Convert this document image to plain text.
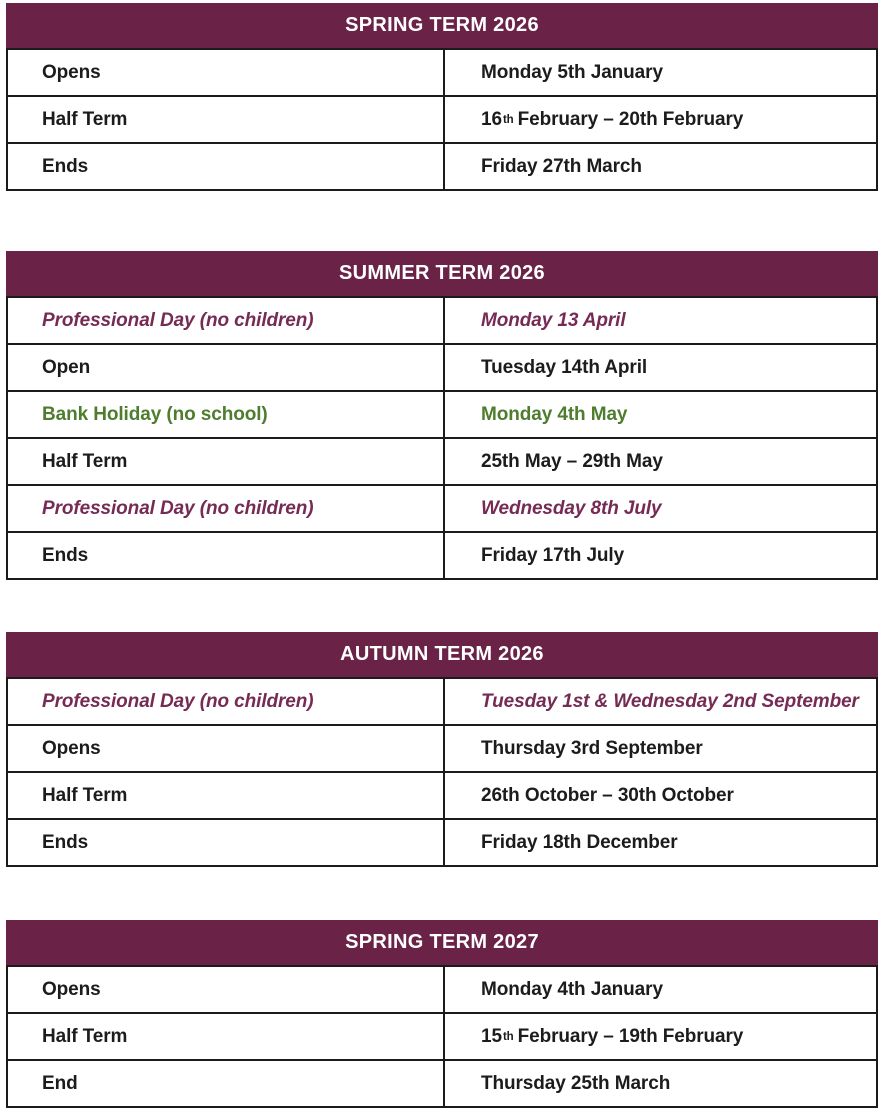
SPRING TERM 2026
Opens	Monday 5th January
Half Term	16 th February – 20th February
Ends	Friday 27th March
SUMMER TERM 2026
Professional Day (no children)	Monday 13 April
Open	Tuesday 14th April
Bank Holiday (no school)	Monday 4th May
Half Term	25th May – 29th May
Professional Day (no children)	Wednesday 8th July
Ends	Friday 17th July
AUTUMN TERM 2026
Professional Day (no children)	Tuesday 1st & Wednesday 2nd September
Opens	Thursday 3rd September
Half Term	26th October – 30th October
Ends	Friday 18th December
SPRING TERM 2027
Opens	Monday 4th January
Half Term	15 th February – 19th February
End	Thursday 25th March
